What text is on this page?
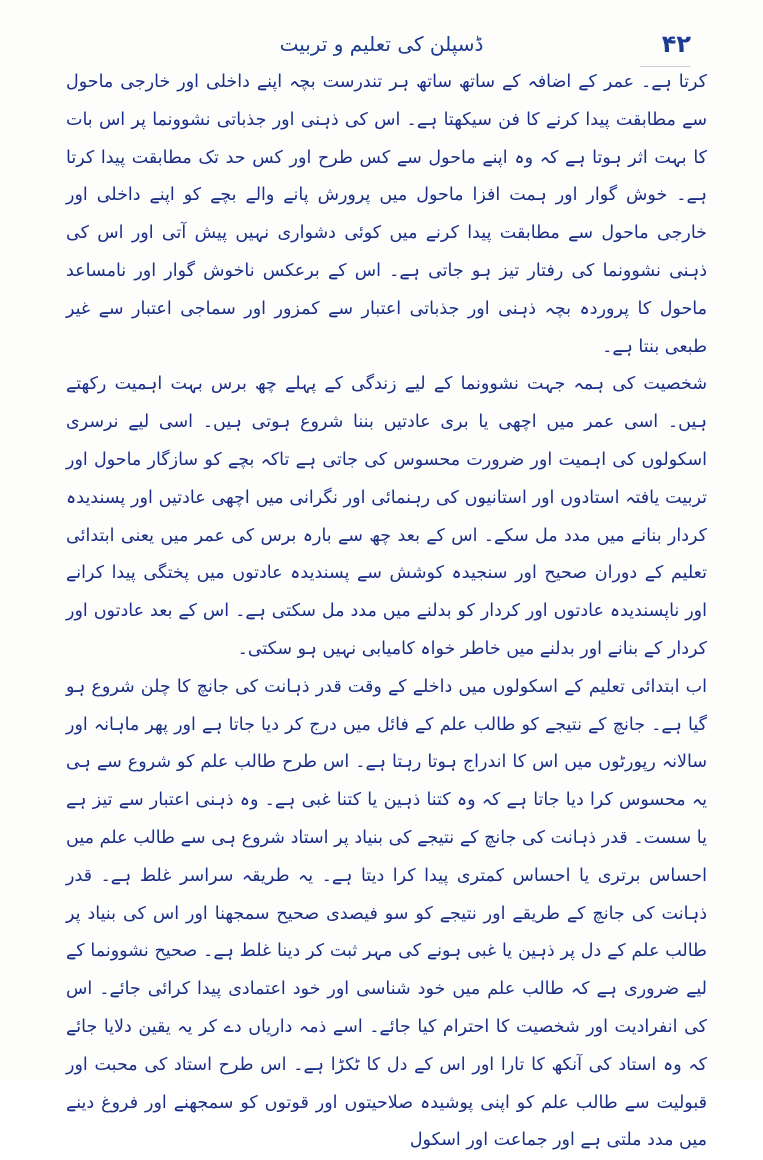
۴۲
ڈسپلن کی تعلیم و تربیت

کرتا ہے۔ عمر کے اضافہ کے ساتھ ساتھ ہر تندرست بچہ اپنے داخلی اور خارجی ماحول سے مطابقت پیدا کرنے کا فن سیکھتا ہے۔ اس کی ذہنی اور جذباتی نشوونما پر اس بات کا بہت اثر ہوتا ہے کہ وہ اپنے ماحول سے کس طرح اور کس حد تک مطابقت پیدا کرتا ہے۔ خوش گوار اور ہمت افزا ماحول میں پرورش پانے والے بچے کو اپنے داخلی اور خارجی ماحول سے مطابقت پیدا کرنے میں کوئی دشواری نہیں پیش آتی اور اس کی ذہنی نشوونما کی رفتار تیز ہو جاتی ہے۔ اس کے برعکس ناخوش گوار اور نامساعد ماحول کا پروردہ بچہ ذہنی اور جذباتی اعتبار سے کمزور اور سماجی اعتبار سے غیر طبعی بنتا ہے۔

شخصیت کی ہمہ جہت نشوونما کے لیے زندگی کے پہلے چھ برس بہت اہمیت رکھتے ہیں۔ اسی عمر میں اچھی یا بری عادتیں بننا شروع ہوتی ہیں۔ اسی لیے نرسری اسکولوں کی اہمیت اور ضرورت محسوس کی جاتی ہے تاکہ بچے کو سازگار ماحول اور تربیت یافتہ استادوں اور استانیوں کی رہنمائی اور نگرانی میں اچھی عادتیں اور پسندیدہ کردار بنانے میں مدد مل سکے۔ اس کے بعد چھ سے بارہ برس کی عمر میں یعنی ابتدائی تعلیم کے دوران صحیح اور سنجیدہ کوشش سے پسندیدہ عادتوں میں پختگی پیدا کرانے اور ناپسندیدہ عادتوں اور کردار کو بدلنے میں مدد مل سکتی ہے۔ اس کے بعد عادتوں اور کردار کے بنانے اور بدلنے میں خاطر خواہ کامیابی نہیں ہو سکتی۔

اب ابتدائی تعلیم کے اسکولوں میں داخلے کے وقت قدر ذہانت کی جانچ کا چلن شروع ہو گیا ہے۔ جانچ کے نتیجے کو طالب علم کے فائل میں درج کر دیا جاتا ہے اور پھر ماہانہ اور سالانہ رپورٹوں میں اس کا اندراج ہوتا رہتا ہے۔ اس طرح طالب علم کو شروع سے ہی یہ محسوس کرا دیا جاتا ہے کہ وہ کتنا ذہین یا کتنا غبی ہے۔ وہ ذہنی اعتبار سے تیز ہے یا سست۔ قدر ذہانت کی جانچ کے نتیجے کی بنیاد پر استاد شروع ہی سے طالب علم میں احساس برتری یا احساس کمتری پیدا کرا دیتا ہے۔ یہ طریقہ سراسر غلط ہے۔ قدر ذہانت کی جانچ کے طریقے اور نتیجے کو سو فیصدی صحیح سمجھنا اور اس کی بنیاد پر طالب علم کے دل پر ذہین یا غبی ہونے کی مہر ثبت کر دینا غلط ہے۔ صحیح نشوونما کے لیے ضروری ہے کہ طالب علم میں خود شناسی اور خود اعتمادی پیدا کرائی جائے۔ اس کی انفرادیت اور شخصیت کا احترام کیا جائے۔ اسے ذمہ داریاں دے کر یہ یقین دلایا جائے کہ وہ استاد کی آنکھ کا تارا اور اس کے دل کا ٹکڑا ہے۔ اس طرح استاد کی محبت اور قبولیت سے طالب علم کو اپنی پوشیدہ صلاحیتوں اور قوتوں کو سمجھنے اور فروغ دینے میں مدد ملتی ہے اور جماعت اور اسکول
